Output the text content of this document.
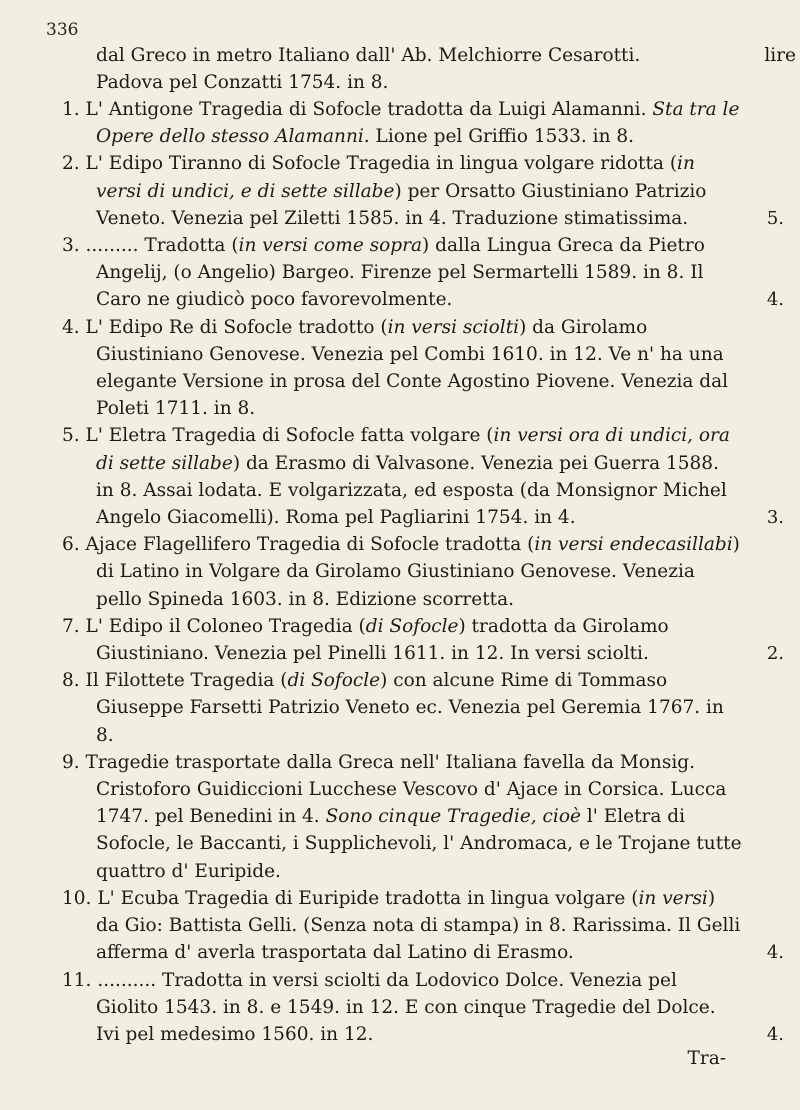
336
dal Greco in metro Italiano dall' Ab. Melchiorre Cesarotti.	lire
Padova pel Conzatti 1754. in 8.

1. L' Antigone Tragedia di Sofocle tradotta da Luigi Alamanni. Sta tra le Opere dello stesso Alamanni. Lione pel Griffio 1533. in 8.

2. L' Edipo Tiranno di Sofocle Tragedia in lingua volgare ridotta (in versi di undici, e di sette sillabe) per Orsatto Giustiniano Patrizio Veneto. Venezia pel Ziletti 1585. in 4. Traduzione stimatissima.	5.

3. ......... Tradotta (in versi come sopra) dalla Lingua Greca da Pietro Angelij, (o Angelio) Bargeo. Firenze pel Sermartelli 1589. in 8. Il Caro ne giudicò poco favorevolmente.	4.

4. L' Edipo Re di Sofocle tradotto (in versi sciolti) da Girolamo Giustiniano Genovese. Venezia pel Combi 1610. in 12. Ve n' ha una elegante Versione in prosa del Conte Agostino Piovene. Venezia dal Poleti 1711. in 8.

5. L' Eletra Tragedia di Sofocle fatta volgare (in versi ora di undici, ora di sette sillabe) da Erasmo di Valvasone. Venezia pei Guerra 1588. in 8. Assai lodata. E volgarizzata, ed esposta (da Monsignor Michel Angelo Giacomelli). Roma pel Pagliarini 1754. in 4.	3.

6. Ajace Flagellifero Tragedia di Sofocle tradotta (in versi endecasillabi) di Latino in Volgare da Girolamo Giustiniano Genovese. Venezia pello Spineda 1603. in 8. Edizione scorretta.

7. L' Edipo il Coloneo Tragedia (di Sofocle) tradotta da Girolamo Giustiniano. Venezia pel Pinelli 1611. in 12. In versi sciolti.	2.

8. Il Filottete Tragedia (di Sofocle) con alcune Rime di Tommaso Giuseppe Farsetti Patrizio Veneto ec. Venezia pel Geremia 1767. in 8.

9. Tragedie trasportate dalla Greca nell' Italiana favella da Monsig. Cristoforo Guidiccioni Lucchese Vescovo d' Ajace in Corsica. Lucca 1747. pel Benedini in 4. Sono cinque Tragedie, cioè l' Eletra di Sofocle, le Baccanti, i Supplichevoli, l' Andromaca, e le Trojane tutte quattro d' Euripide.

10. L' Ecuba Tragedia di Euripide tradotta in lingua volgare (in versi) da Gio: Battista Gelli. (Senza nota di stampa) in 8. Rarissima. Il Gelli afferma d' averla trasportata dal Latino di Erasmo.	4.

11. .......... Tradotta in versi sciolti da Lodovico Dolce. Venezia pel Giolito 1543. in 8. e 1549. in 12. E con cinque Tragedie del Dolce. Ivi pel medesimo 1560. in 12.	4.

Tra-
